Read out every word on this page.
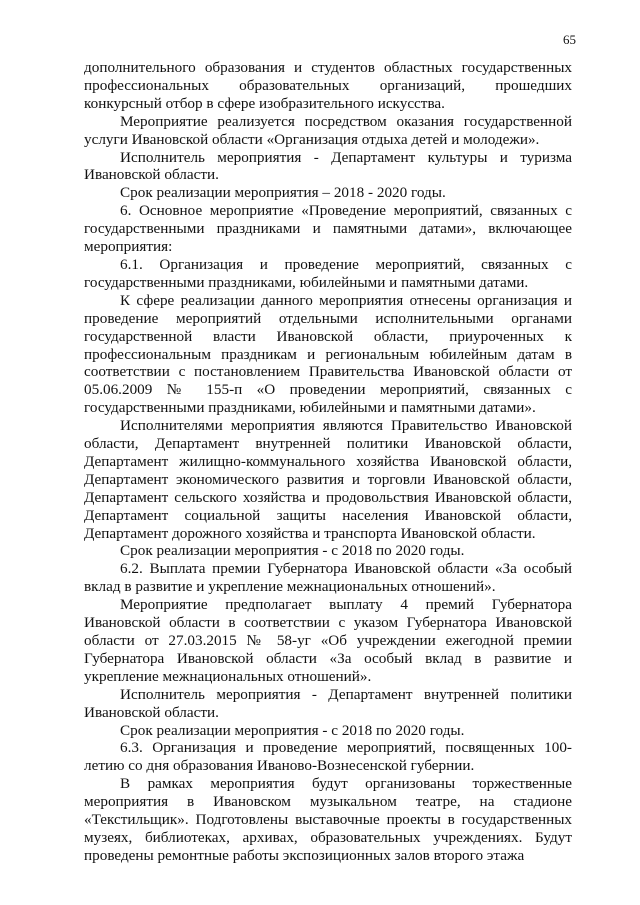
65

дополнительного образования и студентов областных государственных профессиональных образовательных организаций, прошедших конкурсный отбор в сфере изобразительного искусства.

Мероприятие реализуется посредством оказания государственной услуги Ивановской области «Организация отдыха детей и молодежи».

Исполнитель мероприятия - Департамент культуры и туризма Ивановской области.

Срок реализации мероприятия – 2018 - 2020 годы.

6. Основное мероприятие «Проведение мероприятий, связанных с государственными праздниками и памятными датами», включающее мероприятия:

6.1. Организация и проведение мероприятий, связанных с государственными праздниками, юбилейными и памятными датами.

К сфере реализации данного мероприятия отнесены организация и проведение мероприятий отдельными исполнительными органами государственной власти Ивановской области, приуроченных к профессиональным праздникам и региональным юбилейным датам в соответствии с постановлением Правительства Ивановской области от 05.06.2009 № 155-п «О проведении мероприятий, связанных с государственными праздниками, юбилейными и памятными датами».

Исполнителями мероприятия являются Правительство Ивановской области, Департамент внутренней политики Ивановской области, Департамент жилищно-коммунального хозяйства Ивановской области, Департамент экономического развития и торговли Ивановской области, Департамент сельского хозяйства и продовольствия Ивановской области, Департамент социальной защиты населения Ивановской области, Департамент дорожного хозяйства и транспорта Ивановской области.

Срок реализации мероприятия - с 2018 по 2020 годы.

6.2. Выплата премии Губернатора Ивановской области «За особый вклад в развитие и укрепление межнациональных отношений».

Мероприятие предполагает выплату 4 премий Губернатора Ивановской области в соответствии с указом Губернатора Ивановской области от 27.03.2015 № 58-уг «Об учреждении ежегодной премии Губернатора Ивановской области «За особый вклад в развитие и укрепление межнациональных отношений».

Исполнитель мероприятия - Департамент внутренней политики Ивановской области.

Срок реализации мероприятия - с 2018 по 2020 годы.

6.3. Организация и проведение мероприятий, посвященных 100-летию со дня образования Иваново-Вознесенской губернии.

В рамках мероприятия будут организованы торжественные мероприятия в Ивановском музыкальном театре, на стадионе «Текстильщик». Подготовлены выставочные проекты в государственных музеях, библиотеках, архивах, образовательных учреждениях. Будут проведены ремонтные работы экспозиционных залов второго этажа
